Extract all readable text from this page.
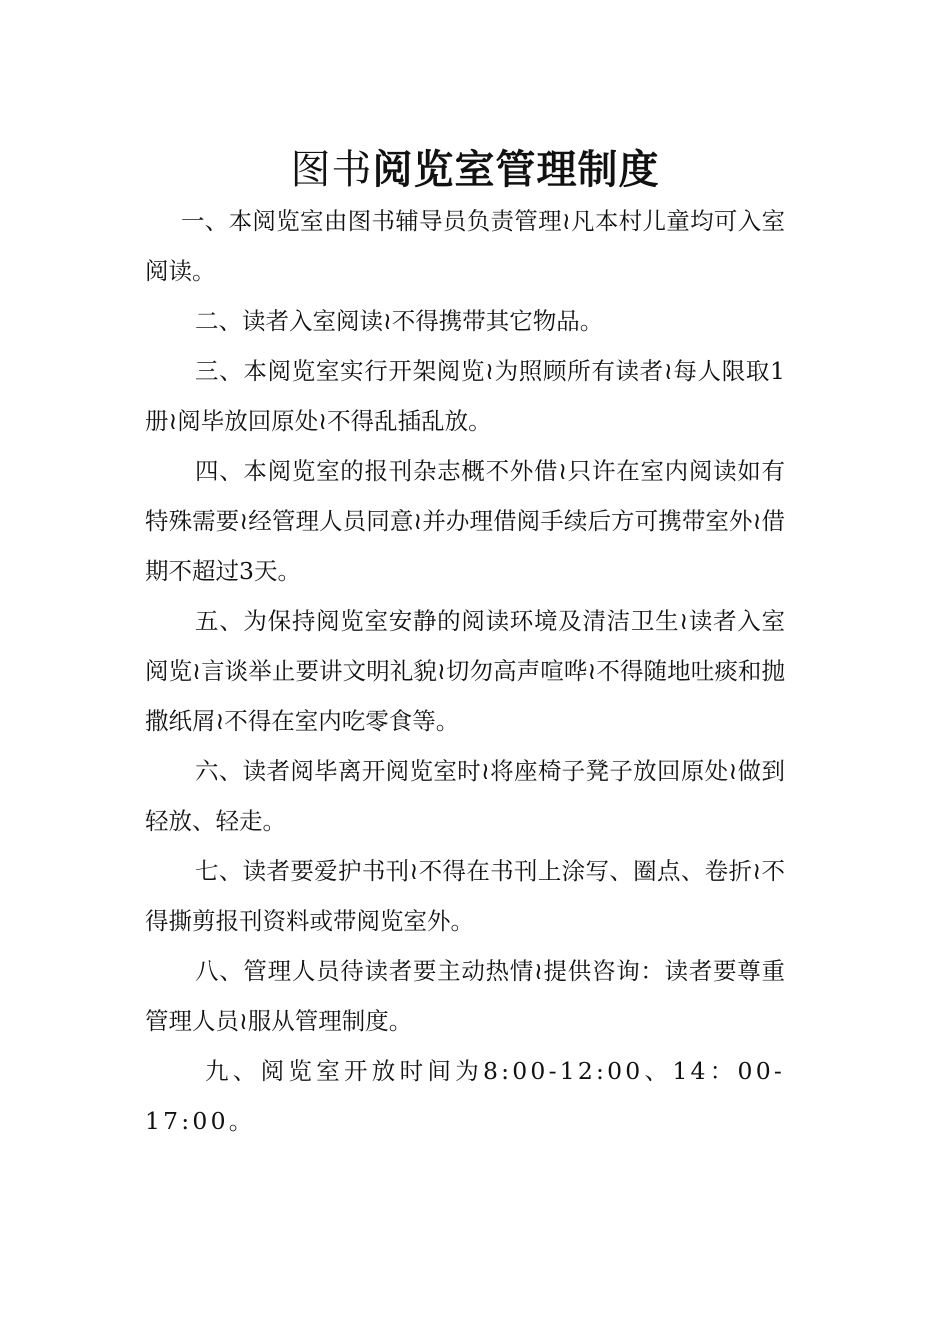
图书阅览室管理制度

一、本阅览室由图书辅导员负责管理≀凡本村儿童均可入室阅读。

二、读者入室阅读≀不得携带其它物品。

三、本阅览室实行开架阅览≀为照顾所有读者≀每人限取1册≀阅毕放回原处≀不得乱插乱放。

四、本阅览室的报刊杂志概不外借≀只许在室内阅读如有特殊需要≀经管理人员同意≀并办理借阅手续后方可携带室外≀借期不超过3天。

五、为保持阅览室安静的阅读环境及清洁卫生≀读者入室阅览≀言谈举止要讲文明礼貌≀切勿高声喧哗≀不得随地吐痰和抛撒纸屑≀不得在室内吃零食等。

六、读者阅毕离开阅览室时≀将座椅子凳子放回原处≀做到轻放、轻走。

七、读者要爱护书刊≀不得在书刊上涂写、圈点、卷折≀不得撕剪报刊资料或带阅览室外。

八、管理人员待读者要主动热情≀提供咨询：读者要尊重管理人员≀服从管理制度。

九、阅览室开放时间为8:00-12:00、14：00-17:00。
